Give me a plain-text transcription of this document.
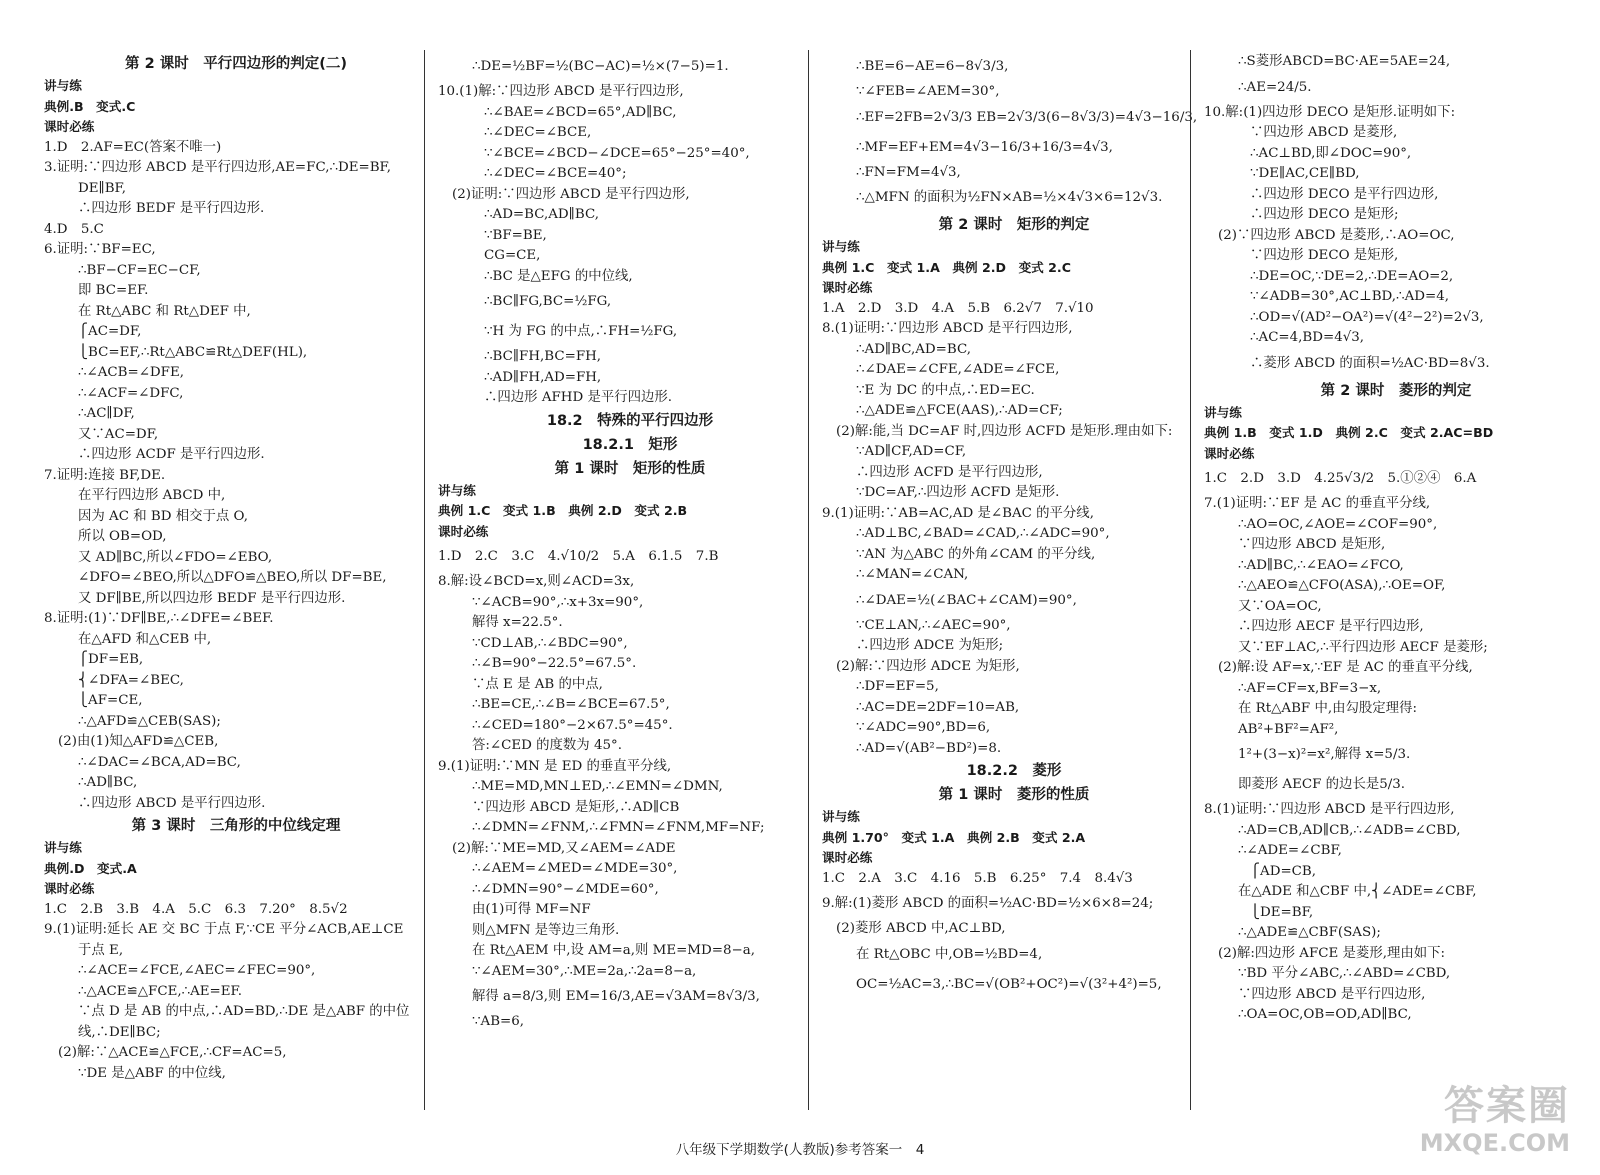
第 2 课时　平行四边形的判定(二)
讲与练
典例.B　变式.C
课时必练
1.D　2.AF=EC(答案不唯一)
3.证明:∵四边形 ABCD 是平行四边形,AE=FC,∴DE=BF,
DE∥BF,
∴四边形 BEDF 是平行四边形.
4.D　5.C
6.证明:∵BF=EC,
∴BF−CF=EC−CF,
即 BC=EF.
在 Rt△ABC 和 Rt△DEF 中,
⎧AC=DF,
⎩BC=EF,∴Rt△ABC≌Rt△DEF(HL),
∴∠ACB=∠DFE,
∴∠ACF=∠DFC,
∴AC∥DF,
又∵AC=DF,
∴四边形 ACDF 是平行四边形.
7.证明:连接 BF,DE.
在平行四边形 ABCD 中,
因为 AC 和 BD 相交于点 O,
所以 OB=OD,
又 AD∥BC,所以∠FDO=∠EBO,
∠DFO=∠BEO,所以△DFO≌△BEO,所以 DF=BE,
又 DF∥BE,所以四边形 BEDF 是平行四边形.
8.证明:(1)∵DF∥BE,∴∠DFE=∠BEF.
在△AFD 和△CEB 中,
⎧DF=EB,
⎨∠DFA=∠BEC,
⎩AF=CE,
∴△AFD≌△CEB(SAS);
(2)由(1)知△AFD≌△CEB,
∴∠DAC=∠BCA,AD=BC,
∴AD∥BC,
∴四边形 ABCD 是平行四边形.
第 3 课时　三角形的中位线定理
讲与练
典例.D　变式.A
课时必练
1.C　2.B　3.B　4.A　5.C　6.3　7.20°　8.5√2
9.(1)证明:延长 AE 交 BC 于点 F,∵CE 平分∠ACB,AE⊥CE
于点 E,
∴∠ACE=∠FCE,∠AEC=∠FEC=90°,
∴△ACE≌△FCE,∴AE=EF.
∵点 D 是 AB 的中点,∴AD=BD,∴DE 是△ABF 的中位
线,∴DE∥BC;
(2)解:∵△ACE≌△FCE,∴CF=AC=5,
∵DE 是△ABF 的中位线,
∴DE=½BF=½(BC−AC)=½×(7−5)=1.
10.(1)解:∵四边形 ABCD 是平行四边形,
∴∠BAE=∠BCD=65°,AD∥BC,
∴∠DEC=∠BCE,
∵∠BCE=∠BCD−∠DCE=65°−25°=40°,
∴∠DEC=∠BCE=40°;
(2)证明:∵四边形 ABCD 是平行四边形,
∴AD=BC,AD∥BC,
∵BF=BE,
CG=CE,
∴BC 是△EFG 的中位线,
∴BC∥FG,BC=½FG,
∵H 为 FG 的中点,∴FH=½FG,
∴BC∥FH,BC=FH,
∴AD∥FH,AD=FH,
∴四边形 AFHD 是平行四边形.
18.2　特殊的平行四边形
18.2.1　矩形
第 1 课时　矩形的性质
讲与练
典例 1.C　变式 1.B　典例 2.D　变式 2.B
课时必练
1.D　2.C　3.C　4.√10/2　5.A　6.1.5　7.B
8.解:设∠BCD=x,则∠ACD=3x,
∵∠ACB=90°,∴x+3x=90°,
解得 x=22.5°.
∵CD⊥AB,∴∠BDC=90°,
∴∠B=90°−22.5°=67.5°.
∵点 E 是 AB 的中点,
∴BE=CE,∴∠B=∠BCE=67.5°,
∴∠CED=180°−2×67.5°=45°.
答:∠CED 的度数为 45°.
9.(1)证明:∵MN 是 ED 的垂直平分线,
∴ME=MD,MN⊥ED,∴∠EMN=∠DMN,
∵四边形 ABCD 是矩形,∴AD∥CB
∴∠DMN=∠FNM,∴∠FMN=∠FNM,MF=NF;
(2)解:∵ME=MD,又∠AEM=∠ADE
∴∠AEM=∠MED=∠MDE=30°,
∴∠DMN=90°−∠MDE=60°,
由(1)可得 MF=NF
则△MFN 是等边三角形.
在 Rt△AEM 中,设 AM=a,则 ME=MD=8−a,
∵∠AEM=30°,∴ME=2a,∴2a=8−a,
解得 a=8/3,则 EM=16/3,AE=√3AM=8√3/3,
∵AB=6,
∴BE=6−AE=6−8√3/3,
∵∠FEB=∠AEM=30°,
∴EF=2FB=2√3/3 EB=2√3/3(6−8√3/3)=4√3−16/3,
∴MF=EF+EM=4√3−16/3+16/3=4√3,
∴FN=FM=4√3,
∴△MFN 的面积为½FN×AB=½×4√3×6=12√3.
第 2 课时　矩形的判定
讲与练
典例 1.C　变式 1.A　典例 2.D　变式 2.C
课时必练
1.A　2.D　3.D　4.A　5.B　6.2√7　7.√10
8.(1)证明:∵四边形 ABCD 是平行四边形,
∴AD∥BC,AD=BC,
∴∠DAE=∠CFE,∠ADE=∠FCE,
∵E 为 DC 的中点,∴ED=EC.
∴△ADE≌△FCE(AAS),∴AD=CF;
(2)解:能,当 DC=AF 时,四边形 ACFD 是矩形.理由如下:
∵AD∥CF,AD=CF,
∴四边形 ACFD 是平行四边形,
∵DC=AF,∴四边形 ACFD 是矩形.
9.(1)证明:∵AB=AC,AD 是∠BAC 的平分线,
∴AD⊥BC,∠BAD=∠CAD,∴∠ADC=90°,
∵AN 为△ABC 的外角∠CAM 的平分线,
∴∠MAN=∠CAN,
∴∠DAE=½(∠BAC+∠CAM)=90°,
∵CE⊥AN,∴∠AEC=90°,
∴四边形 ADCE 为矩形;
(2)解:∵四边形 ADCE 为矩形,
∴DF=EF=5,
∴AC=DE=2DF=10=AB,
∵∠ADC=90°,BD=6,
∴AD=√(AB²−BD²)=8.
18.2.2　菱形
第 1 课时　菱形的性质
讲与练
典例 1.70°　变式 1.A　典例 2.B　变式 2.A
课时必练
1.C　2.A　3.C　4.16　5.B　6.25°　7.4　8.4√3
9.解:(1)菱形 ABCD 的面积=½AC·BD=½×6×8=24;
(2)菱形 ABCD 中,AC⊥BD,
在 Rt△OBC 中,OB=½BD=4,
OC=½AC=3,∴BC=√(OB²+OC²)=√(3²+4²)=5,
∴S菱形ABCD=BC·AE=5AE=24,
∴AE=24/5.
10.解:(1)四边形 DECO 是矩形.证明如下:
∵四边形 ABCD 是菱形,
∴AC⊥BD,即∠DOC=90°,
∵DE∥AC,CE∥BD,
∴四边形 DECO 是平行四边形,
∴四边形 DECO 是矩形;
(2)∵四边形 ABCD 是菱形,∴AO=OC,
∵四边形 DECO 是矩形,
∴DE=OC,∵DE=2,∴DE=AO=2,
∵∠ADB=30°,AC⊥BD,∴AD=4,
∴OD=√(AD²−OA²)=√(4²−2²)=2√3,
∴AC=4,BD=4√3,
∴菱形 ABCD 的面积=½AC·BD=8√3.
第 2 课时　菱形的判定
讲与练
典例 1.B　变式 1.D　典例 2.C　变式 2.AC=BD
课时必练
1.C　2.D　3.D　4.25√3/2　5.①②④　6.A
7.(1)证明:∵EF 是 AC 的垂直平分线,
∴AO=OC,∠AOE=∠COF=90°,
∵四边形 ABCD 是矩形,
∴AD∥BC,∴∠EAO=∠FCO,
∴△AEO≌△CFO(ASA),∴OE=OF,
又∵OA=OC,
∴四边形 AECF 是平行四边形,
又∵EF⊥AC,∴平行四边形 AECF 是菱形;
(2)解:设 AF=x,∵EF 是 AC 的垂直平分线,
∴AF=CF=x,BF=3−x,
在 Rt△ABF 中,由勾股定理得:
AB²+BF²=AF²,
1²+(3−x)²=x²,解得 x=5/3.
即菱形 AECF 的边长是5/3.
8.(1)证明:∵四边形 ABCD 是平行四边形,
∴AD=CB,AD∥CB,∴∠ADB=∠CBD,
∴∠ADE=∠CBF,
⎧AD=CB,
在△ADE 和△CBF 中,⎨∠ADE=∠CBF,
⎩DE=BF,
∴△ADE≌△CBF(SAS);
(2)解:四边形 AFCE 是菱形,理由如下:
∵BD 平分∠ABC,∴∠ABD=∠CBD,
∵四边形 ABCD 是平行四边形,
∴OA=OC,OB=OD,AD∥BC,
八年级下学期数学(人教版)参考答案一　4
答案圈
MXQE.COM
